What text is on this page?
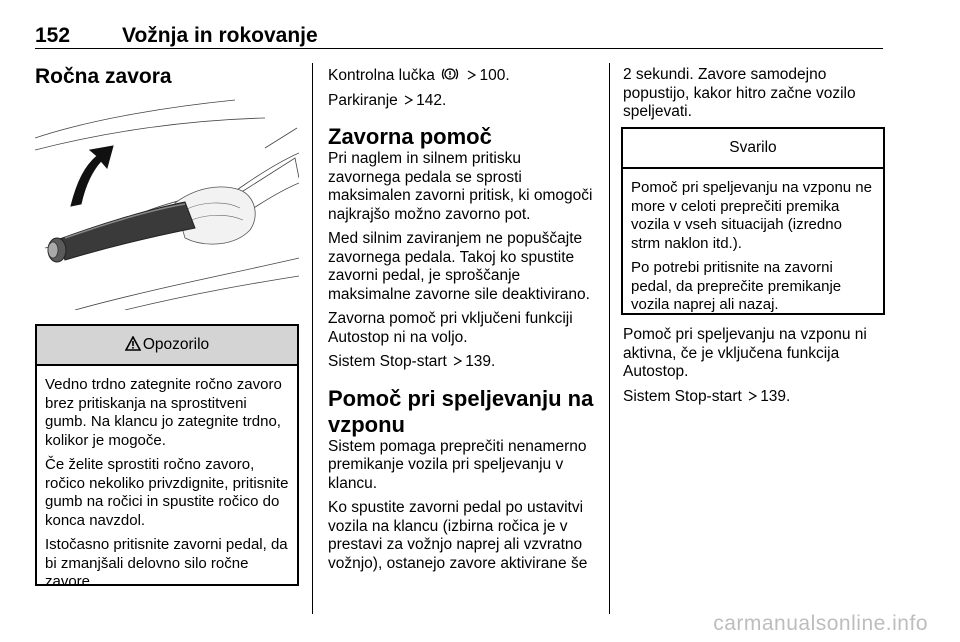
152 Vožnja in rokovanje
Ročna zavora
Opozorilo

Vedno trdno zategnite ročno zavoro brez pritiskanja na sprostitveni gumb. Na klancu jo zategnite trdno, kolikor je mogoče.

Če želite sprostiti ročno zavoro, ročico nekoliko privzdignite, pritisnite gumb na ročici in spustite ročico do konca navzdol.

Istočasno pritisnite zavorni pedal, da bi zmanjšali delovno silo ročne zavore.

Kontrolna lučka	100.

Parkiranje 142.

Zavorna pomoč

Pri naglem in silnem pritisku zavornega pedala se sprosti maksimalen zavorni pritisk, ki omogoči najkrajšo možno zavorno pot.

Med silnim zaviranjem ne popuščajte zavornega pedala. Takoj ko spustite zavorni pedal, je sproščanje maksimalne zavorne sile deaktivirano.

Zavorna pomoč pri vključeni funkciji Autostop ni na voljo.

Sistem Stop-start 139.

Pomoč pri speljevanju na vzponu

Sistem pomaga preprečiti nenamerno premikanje vozila pri speljevanju v klancu.

Ko spustite zavorni pedal po ustavitvi vozila na klancu (izbirna ročica je v prestavi za vožnjo naprej ali vzvratno vožnjo), ostanejo zavore aktivirane še

2 sekundi. Zavore samodejno popustijo, kakor hitro začne vozilo speljevati.

Svarilo

Pomoč pri speljevanju na vzponu ne more v celoti preprečiti premika vozila v vseh situacijah (izredno strm naklon itd.).

Po potrebi pritisnite na zavorni pedal, da preprečite premikanje vozila naprej ali nazaj.

Pomoč pri speljevanju na vzponu ni aktivna, če je vključena funkcija Autostop.

Sistem Stop-start 139.

carmanualsonline.info
